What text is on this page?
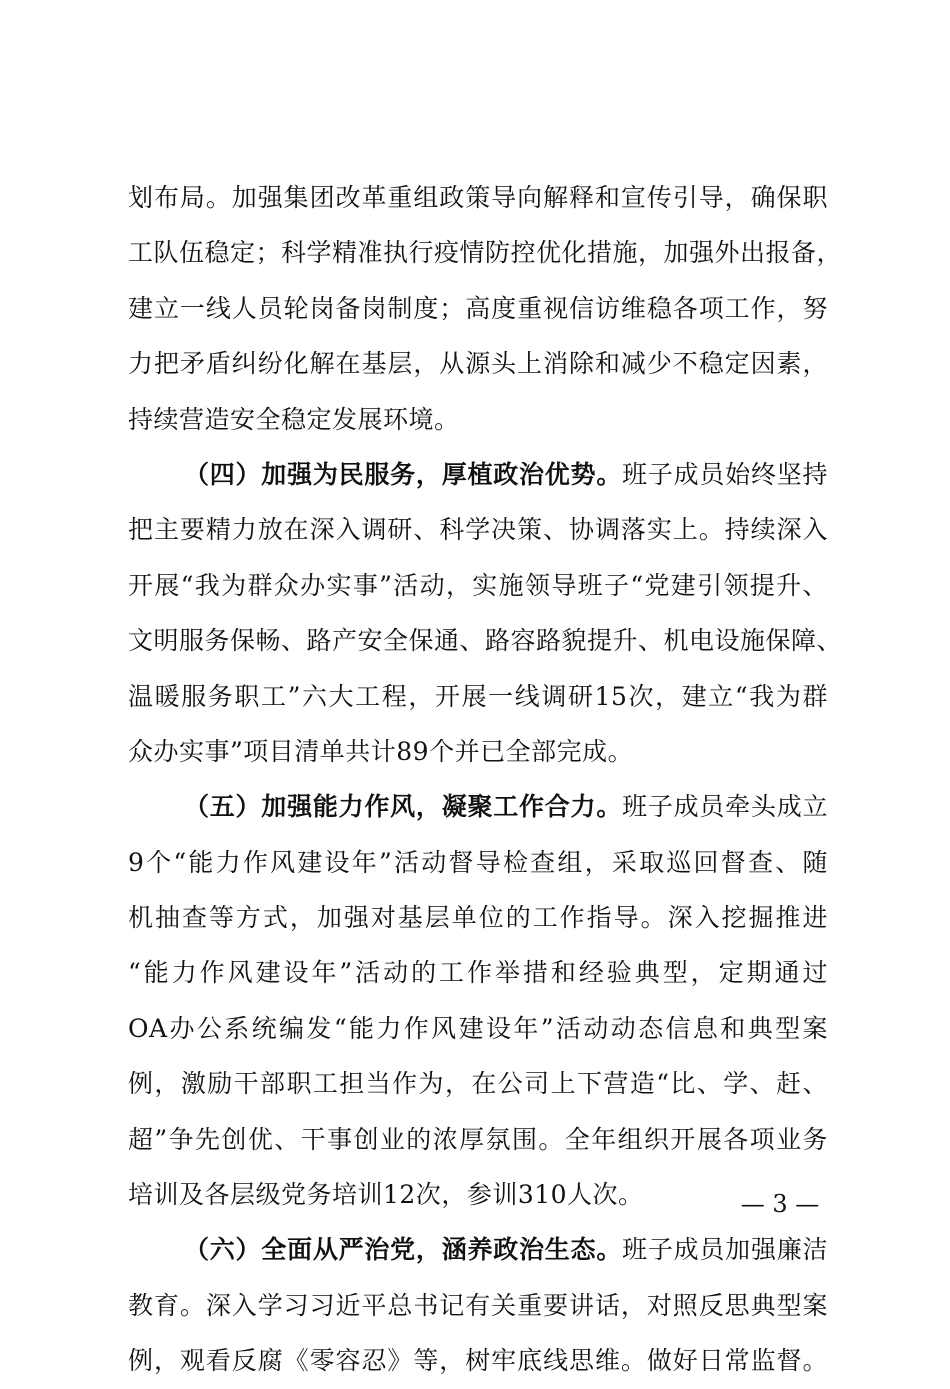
划布局。加强集团改革重组政策导向解释和宣传引导，确保职
工队伍稳定；科学精准执行疫情防控优化措施，加强外出报备，
建立一线人员轮岗备岗制度；高度重视信访维稳各项工作，努
力把矛盾纠纷化解在基层，从源头上消除和减少不稳定因素，
持续营造安全稳定发展环境。
（四）加强为民服务，厚植政治优势。班子成员始终坚持
把主要精力放在深入调研、科学决策、协调落实上。持续深入
开展“我为群众办实事”活动，实施领导班子“党建引领提升、
文明服务保畅、路产安全保通、路容路貌提升、机电设施保障、
温暖服务职工”六大工程，开展一线调研15次，建立“我为群
众办实事”项目清单共计89个并已全部完成。
（五）加强能力作风，凝聚工作合力。班子成员牵头成立
9个“能力作风建设年”活动督导检查组，采取巡回督查、随
机抽查等方式，加强对基层单位的工作指导。深入挖掘推进
“能力作风建设年”活动的工作举措和经验典型，定期通过
OA办公系统编发“能力作风建设年”活动动态信息和典型案
例，激励干部职工担当作为，在公司上下营造“比、学、赶、
超”争先创优、干事创业的浓厚氛围。全年组织开展各项业务
培训及各层级党务培训12次，参训310人次。
（六）全面从严治党，涵养政治生态。班子成员加强廉洁
教育。深入学习习近平总书记有关重要讲话，对照反思典型案
例，观看反腐《零容忍》等，树牢底线思维。做好日常监督。
— 3 —
